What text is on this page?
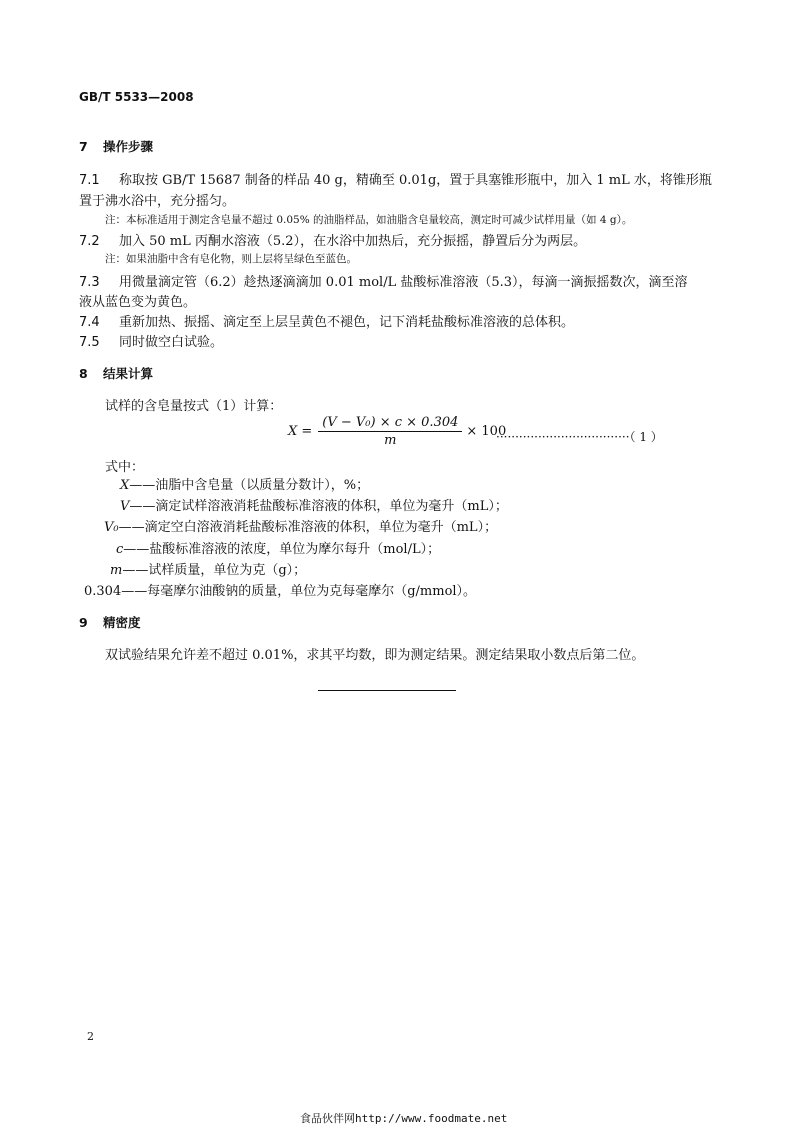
GB/T 5533—2008
7 操作步骤
7.1 称取按 GB/T 15687 制备的样品 40 g，精确至 0.01g，置于具塞锥形瓶中，加入 1 mL 水，将锥形瓶
置于沸水浴中，充分摇匀。
注：本标准适用于测定含皂量不超过 0.05% 的油脂样品，如油脂含皂量较高，测定时可减少试样用量（如 4 g）。
7.2 加入 50 mL 丙酮水溶液（5.2），在水浴中加热后，充分振摇，静置后分为两层。
注：如果油脂中含有皂化物，则上层将呈绿色至蓝色。
7.3 用微量滴定管（6.2）趁热逐滴滴加 0.01 mol/L 盐酸标准溶液（5.3），每滴一滴振摇数次，滴至溶
液从蓝色变为黄色。
7.4 重新加热、振摇、滴定至上层呈黄色不褪色，记下消耗盐酸标准溶液的总体积。
7.5 同时做空白试验。
8 结果计算
试样的含皂量按式（1）计算：
$X = \frac{\text{(V − V₀) × c × 0.304}}{m} \times 100$
···································（ 1 ）
式中：
X——油脂中含皂量（以质量分数计），%；
V——滴定试样溶液消耗盐酸标准溶液的体积，单位为毫升（mL）；
V₀——滴定空白溶液消耗盐酸标准溶液的体积，单位为毫升（mL）；
c——盐酸标准溶液的浓度，单位为摩尔每升（mol/L）；
m——试样质量，单位为克（g）；
0.304——每毫摩尔油酸钠的质量，单位为克每毫摩尔（g/mmol）。
9 精密度
双试验结果允许差不超过 0.01%，求其平均数，即为测定结果。测定结果取小数点后第二位。
2
食品伙伴网http://www.foodmate.net
